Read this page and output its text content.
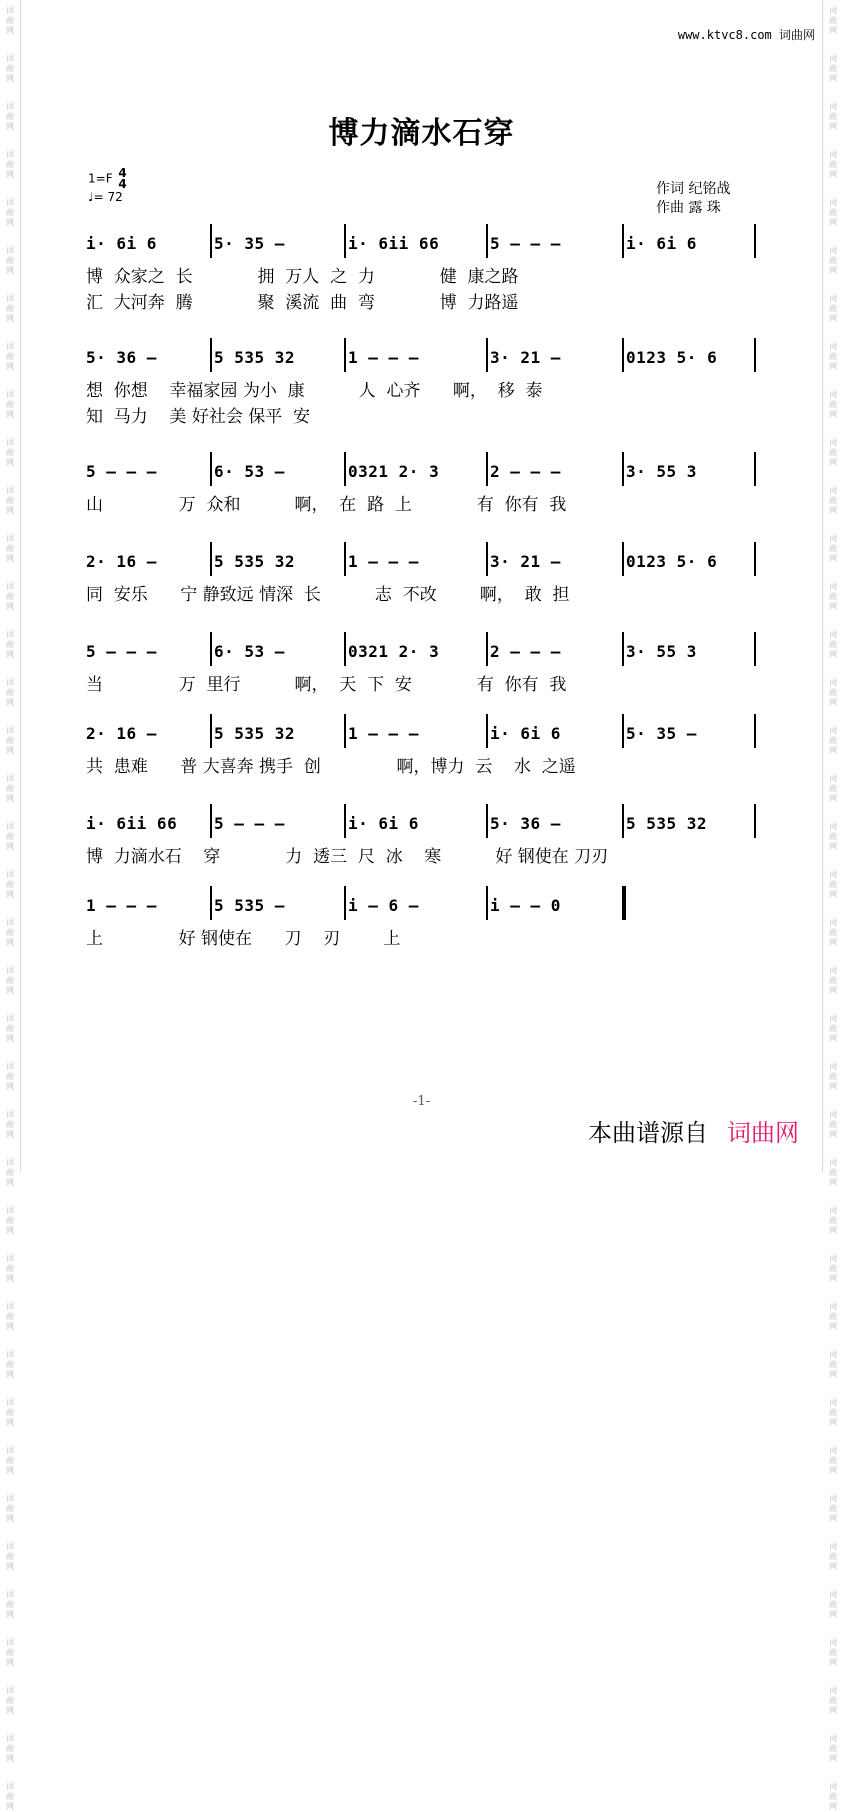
词曲网
词曲网
词曲网
词曲网
词曲网
词曲网
词曲网
词曲网
词曲网
词曲网
词曲网
词曲网
词曲网
词曲网
词曲网
词曲网
词曲网
词曲网
词曲网
词曲网
词曲网
词曲网
词曲网
词曲网
词曲网
词曲网
词曲网
词曲网
词曲网
词曲网
词曲网
词曲网
词曲网
词曲网
词曲网
词曲网
词曲网
词曲网
词曲网
词曲网
词曲网
词曲网
词曲网
词曲网
词曲网
词曲网
词曲网
词曲网
词曲网
词曲网
词曲网
词曲网
词曲网
词曲网
词曲网
词曲网
词曲网
词曲网
词曲网
词曲网
词曲网
词曲网
词曲网
词曲网
词曲网
词曲网
词曲网
词曲网
词曲网
词曲网
词曲网
词曲网
词曲网
词曲网
词曲网
词曲网
www.ktvc8.com 词曲网
博力滴水石穿
1=F 4
4
♩= 72	作词 纪铭战
作曲 露 珠
i· 6i 6	5· 35 –	i· 6ii 66	5 – – –	i· 6i 6
博  众家之  长            拥  万人  之  力            健  康之路
汇  大河奔  腾            聚  溪流  曲  弯            博  力路遥
5· 36 –	5 535 32	1 – – –	3· 21 –	0123 5· 6
想  你想    幸福家园 为小  康          人  心齐      啊，  移  泰
知  马力    美 好社会 保平  安
5 – – –	6· 53 –	0321 2· 3	2 – – –	3· 55 3
山              万  众和          啊，  在  路  上            有  你有  我
2· 16 –	5 535 32	1 – – –	3· 21 –	0123 5· 6
同  安乐      宁 静致远 情深  长          志  不改        啊，  敢  担
5 – – –	6· 53 –	0321 2· 3	2 – – –	3· 55 3
当              万  里行          啊，  天  下  安            有  你有  我
2· 16 –	5 535 32	1 – – –	i· 6i 6	5· 35 –
共  患难      普 大喜奔 携手  创              啊，博力  云    水  之遥
i· 6ii 66 5 – – –	i· 6i 6	5· 36 –	5 535 32
博  力滴水石    穿            力  透三  尺  冰    寒          好 钢使在 刀刃
1 – – –	5 535 –	i – 6 –	i – – 0
上              好 钢使在      刀    刃        上
-1-
本曲谱源自 词曲网
